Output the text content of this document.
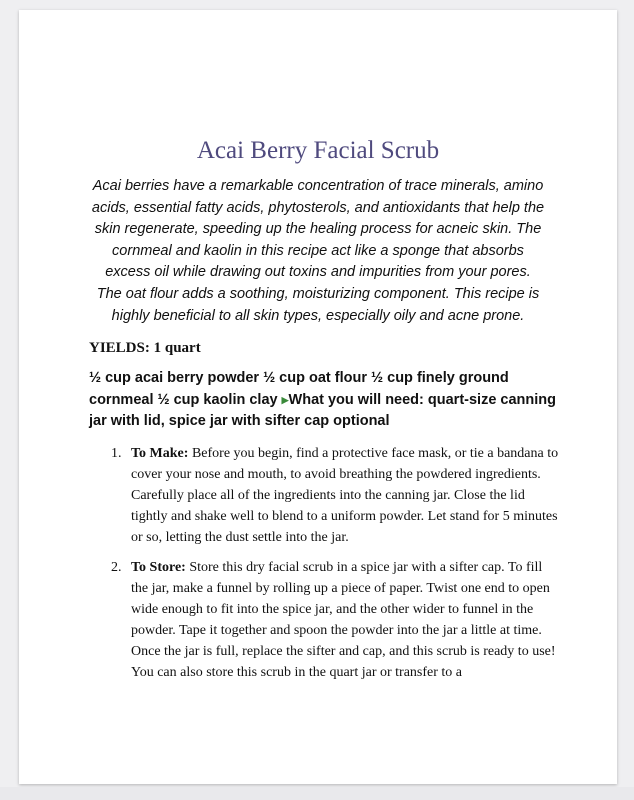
Acai Berry Facial Scrub

Acai berries have a remarkable concentration of trace minerals, amino acids, essential fatty acids, phytosterols, and antioxidants that help the skin regenerate, speeding up the healing process for acneic skin. The cornmeal and kaolin in this recipe act like a sponge that absorbs excess oil while drawing out toxins and impurities from your pores. The oat flour adds a soothing, moisturizing component. This recipe is highly beneficial to all skin types, especially oily and acne prone.

YIELDS: 1 quart

½ cup acai berry powder ½ cup oat flour ½ cup finely ground cornmeal ½ cup kaolin clay ▶What you will need: quart-size canning jar with lid, spice jar with sifter cap optional

1. To Make: Before you begin, find a protective face mask, or tie a bandana to cover your nose and mouth, to avoid breathing the powdered ingredients. Carefully place all of the ingredients into the canning jar. Close the lid tightly and shake well to blend to a uniform powder. Let stand for 5 minutes or so, letting the dust settle into the jar.
2. To Store: Store this dry facial scrub in a spice jar with a sifter cap. To fill the jar, make a funnel by rolling up a piece of paper. Twist one end to open wide enough to fit into the spice jar, and the other wider to funnel in the powder. Tape it together and spoon the powder into the jar a little at time. Once the jar is full, replace the sifter and cap, and this scrub is ready to use! You can also store this scrub in the quart jar or transfer to a
